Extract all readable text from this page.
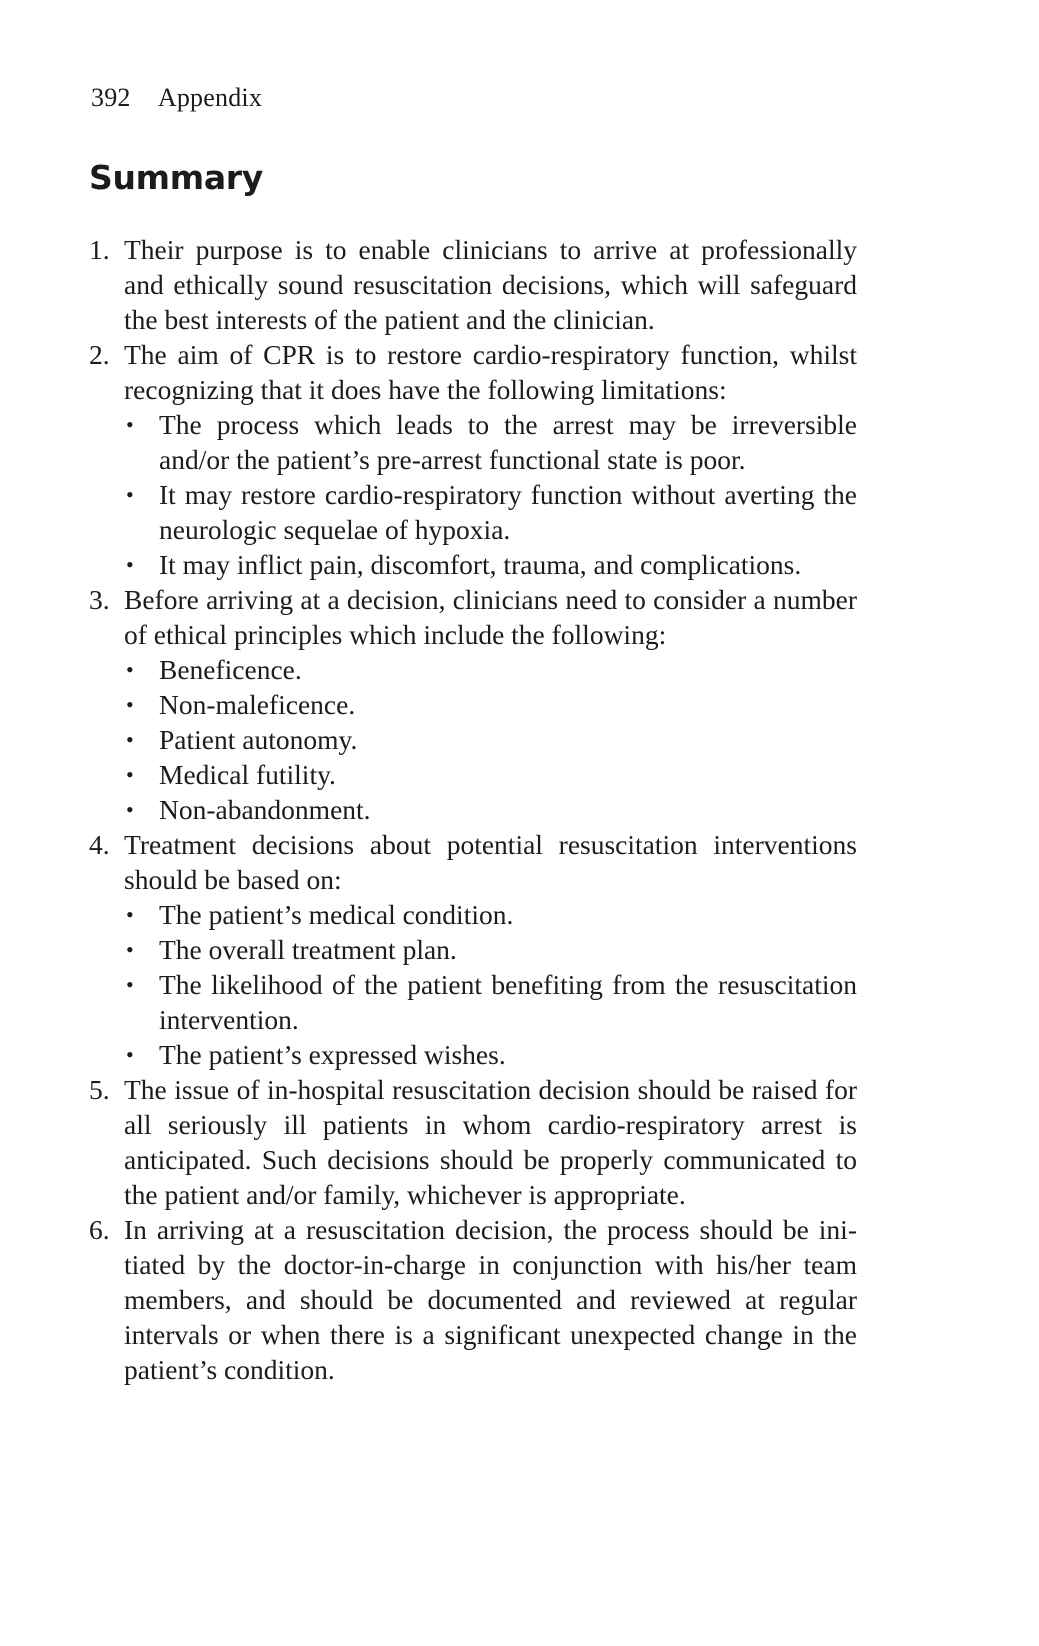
392 Appendix
Summary
1. Their purpose is to enable clinicians to arrive at professionally and ethically sound resuscitation decisions, which will safeguard the best interests of the patient and the clinician.
2. The aim of CPR is to restore cardio-respiratory function, whilst recognizing that it does have the following limitations:
• The process which leads to the arrest may be irreversible and/or the patient’s pre-arrest functional state is poor.
• It may restore cardio-respiratory function without averting the neurologic sequelae of hypoxia.
• It may inflict pain, discomfort, trauma, and complications.
3. Before arriving at a decision, clinicians need to consider a number of ethical principles which include the following:
• Beneficence.
• Non-maleficence.
• Patient autonomy.
• Medical futility.
• Non-abandonment.
4. Treatment decisions about potential resuscitation interventions should be based on:
• The patient’s medical condition.
• The overall treatment plan.
• The likelihood of the patient benefiting from the resuscitation intervention.
• The patient’s expressed wishes.
5. The issue of in-hospital resuscitation decision should be raised for all seriously ill patients in whom cardio-respiratory arrest is anticipated. Such decisions should be properly communicated to the patient and/or family, whichever is appropriate.
6. In arriving at a resuscitation decision, the process should be initiated by the doctor-in-charge in conjunction with his/her team members, and should be documented and reviewed at regular intervals or when there is a significant unexpected change in the patient’s condition.
